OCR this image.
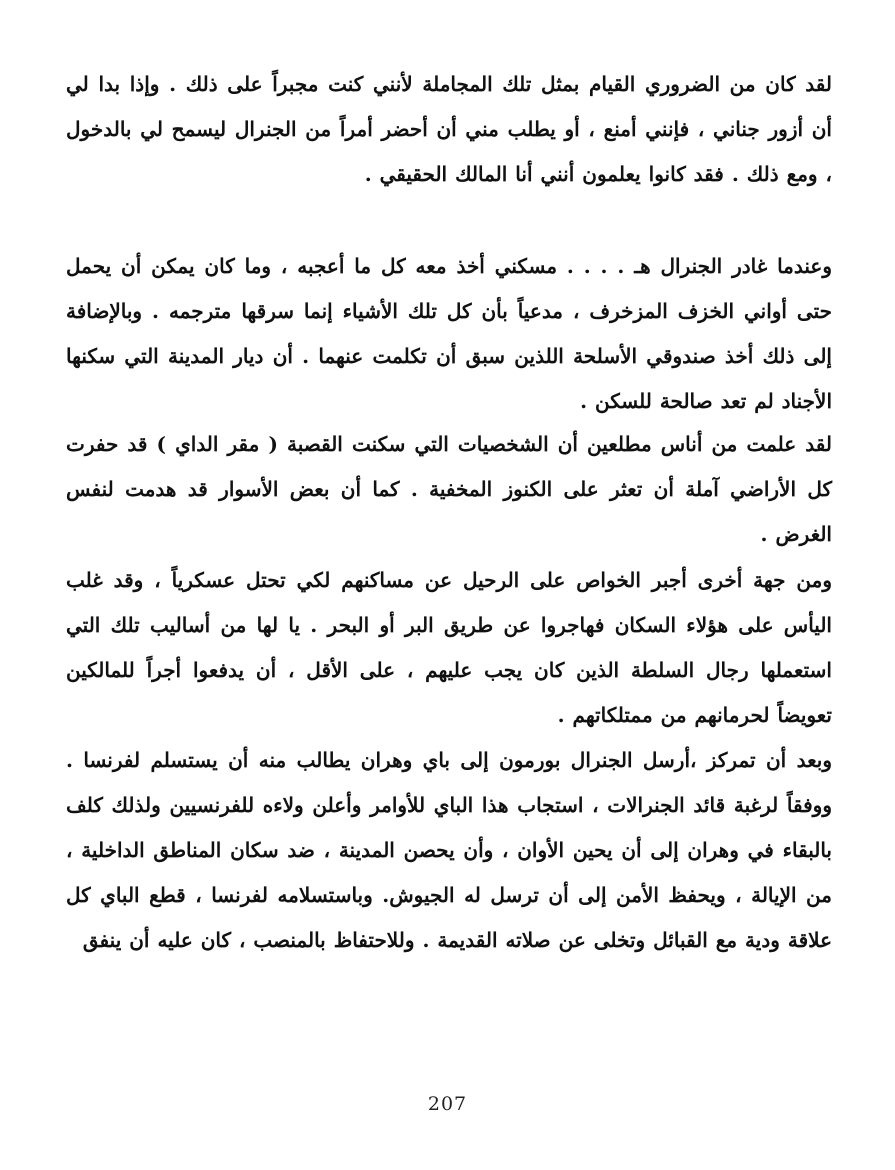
لقد كان من الضروري القيام بمثل تلك المجاملة لأنني كنت مجبراً على ذلك . وإذا بدا لي أن أزور جناني ، فإنني أمنع ، أو يطلب مني أن أحضر أمراً من الجنرال ليسمح لي بالدخول ، ومع ذلك . فقد كانوا يعلمون أنني أنا المالك الحقيقي .

وعندما غادر الجنرال هـ . . . . مسكني أخذ معه كل ما أعجبه ، وما كان يمكن أن يحمل حتى أواني الخزف المزخرف ، مدعياً بأن كل تلك الأشياء إنما سرقها مترجمه . وبالإضافة إلى ذلك أخذ صندوقي الأسلحة اللذين سبق أن تكلمت عنهما . أن ديار المدينة التي سكنها الأجناد لم تعد صالحة للسكن .

لقد علمت من أناس مطلعين أن الشخصيات التي سكنت القصبة ( مقر الداي ) قد حفرت كل الأراضي آملة أن تعثر على الكنوز المخفية . كما أن بعض الأسوار قد هدمت لنفس الغرض .

ومن جهة أخرى أجبر الخواص على الرحيل عن مساكنهم لكي تحتل عسكرياً ، وقد غلب اليأس على هؤلاء السكان فهاجروا عن طريق البر أو البحر . يا لها من أساليب تلك التي استعملها رجال السلطة الذين كان يجب عليهم ، على الأقل ، أن يدفعوا أجراً للمالكين تعويضاً لحرمانهم من ممتلكاتهم .

وبعد أن تمركز ،أرسل الجنرال بورمون إلى باي وهران يطالب منه أن يستسلم لفرنسا . ووفقاً لرغبة قائد الجنرالات ، استجاب هذا الباي للأوامر وأعلن ولاءه للفرنسيين ولذلك كلف بالبقاء في وهران إلى أن يحين الأوان ، وأن يحصن المدينة ، ضد سكان المناطق الداخلية ، من الإيالة ، ويحفظ الأمن إلى أن ترسل له الجيوش. وباستسلامه لفرنسا ، قطع الباي كل علاقة ودية مع القبائل وتخلى عن صلاته القديمة . وللاحتفاظ بالمنصب ، كان عليه أن ينفق

207
